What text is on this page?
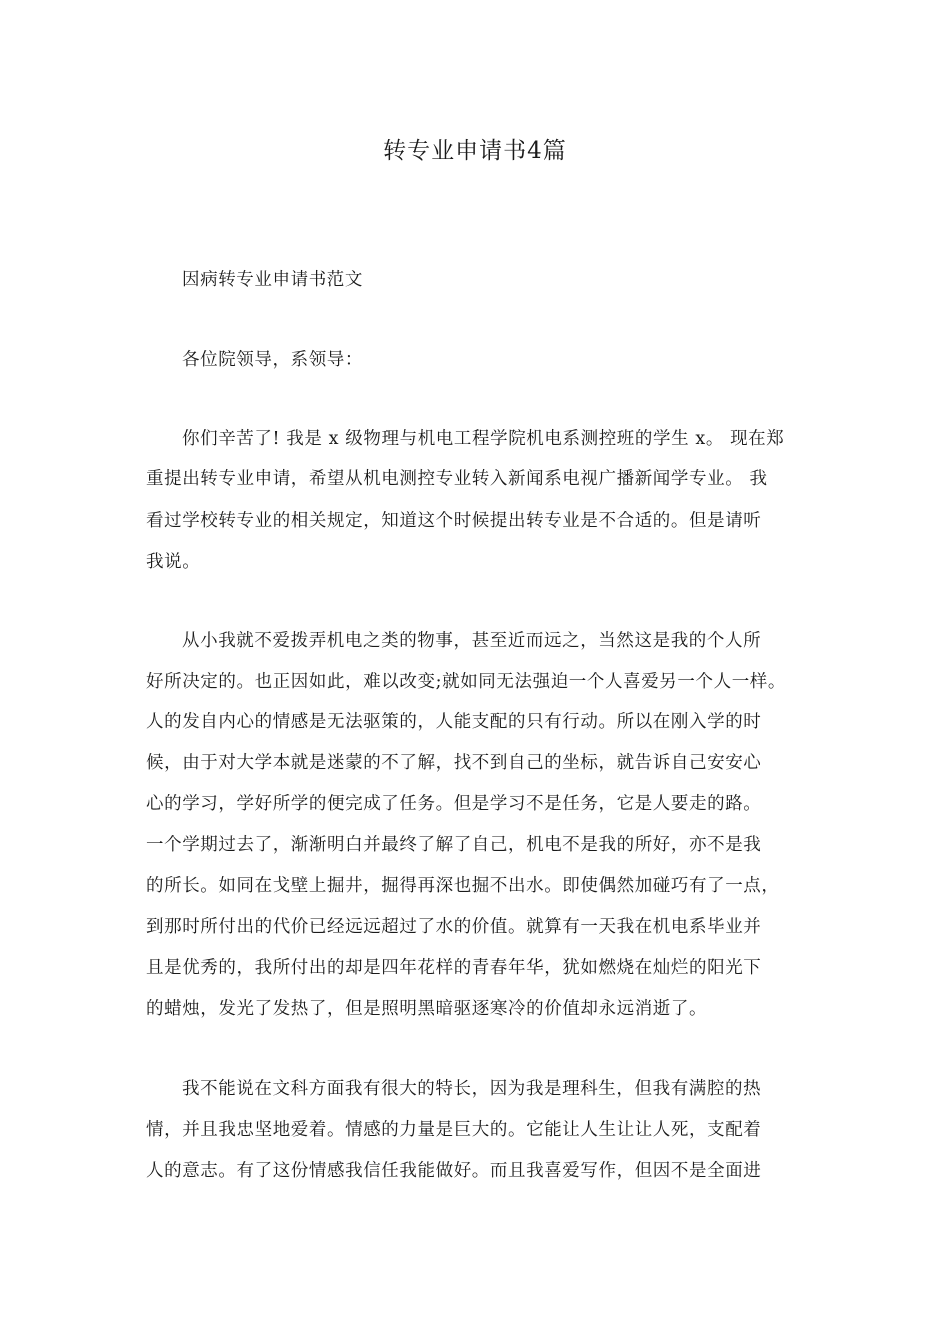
转专业申请书4篇
因病转专业申请书范文
各位院领导，系领导：
你们辛苦了! 我是 x 级物理与机电工程学院机电系测控班的学生 x。 现在郑
重提出转专业申请，希望从机电测控专业转入新闻系电视广播新闻学专业。 我
看过学校转专业的相关规定，知道这个时候提出转专业是不合适的。但是请听
我说。
从小我就不爱拨弄机电之类的物事，甚至近而远之，当然这是我的个人所
好所决定的。也正因如此，难以改变;就如同无法强迫一个人喜爱另一个人一样。
人的发自内心的情感是无法驱策的，人能支配的只有行动。所以在刚入学的时
候，由于对大学本就是迷蒙的不了解，找不到自己的坐标，就告诉自己安安心
心的学习，学好所学的便完成了任务。但是学习不是任务，它是人要走的路。
一个学期过去了，渐渐明白并最终了解了自己，机电不是我的所好，亦不是我
的所长。如同在戈壁上掘井，掘得再深也掘不出水。即使偶然加碰巧有了一点，
到那时所付出的代价已经远远超过了水的价值。就算有一天我在机电系毕业并
且是优秀的，我所付出的却是四年花样的青春年华，犹如燃烧在灿烂的阳光下
的蜡烛，发光了发热了，但是照明黑暗驱逐寒冷的价值却永远消逝了。
我不能说在文科方面我有很大的特长，因为我是理科生，但我有满腔的热
情，并且我忠坚地爱着。情感的力量是巨大的。它能让人生让让人死，支配着
人的意志。有了这份情感我信任我能做好。而且我喜爱写作，但因不是全面进
